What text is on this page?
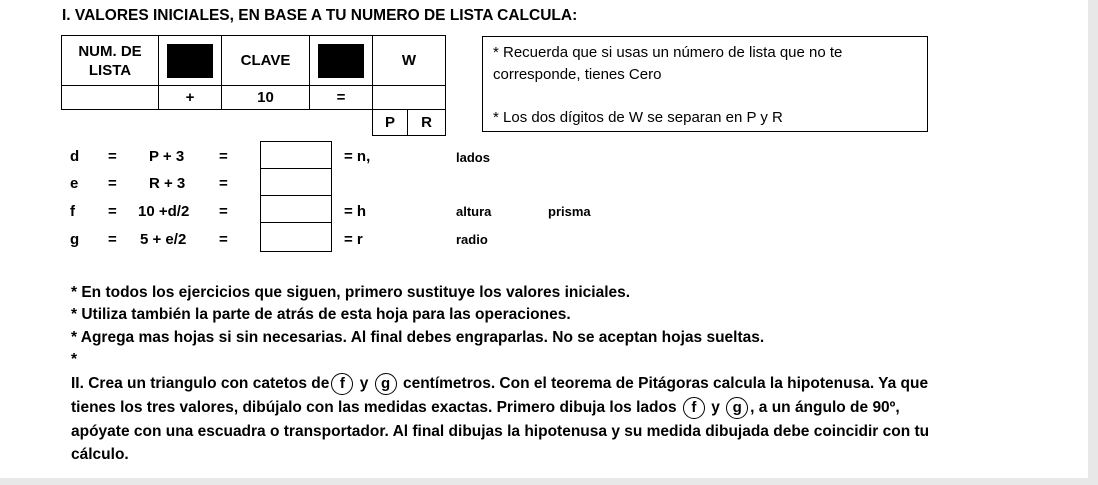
I. VALORES INICIALES, EN BASE A TU NUMERO DE LISTA CALCULA:
NUM. DE LISTA		CLAVE		W	
	+	10	=		
				P	R
* Recuerda que si usas un número de lista que no te corresponde, tienes Cero
* Los dos dígitos de W se separan en P y R
d = P + 3 =	= n,	lados
e = R + 3 =
f = 10 +d/2 =	= h	altura	prisma
g = 5 + e/2 =	= r	radio
* En todos los ejercicios que siguen, primero sustituye los valores iniciales.
* Utiliza también la parte de atrás de esta hoja para las operaciones.
* Agrega mas hojas si sin necesarias. Al final debes engraparlas. No se aceptan hojas sueltas.
*
II. Crea un triangulo con catetos de f y g centímetros. Con el teorema de Pitágoras calcula la hipotenusa. Ya que
tienes los tres valores, dibújalo con las medidas exactas. Primero dibuja los lados f y g , a un ángulo de 90º,
apóyate con una escuadra o transportador. Al final dibujas la hipotenusa y su medida dibujada debe coincidir con tu
cálculo.
